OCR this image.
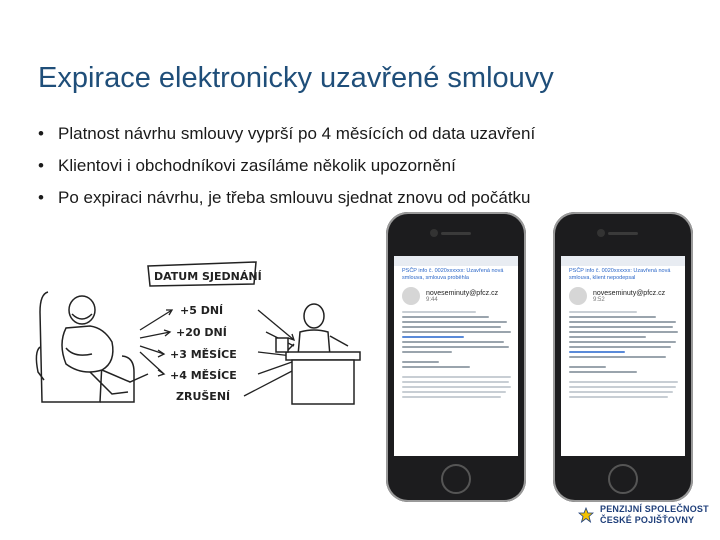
Expirace elektronicky uzavřené smlouvy
• Platnost návrhu smlouvy vyprší po 4 měsících od data uzavření
• Klientovi i obchodníkovi zasíláme několik upozornění
• Po expiraci návrhu, je třeba smlouvu sjednat znovu od počátku
DATUM SJEDNÁNÍ
+5 DNÍ
+20 DNÍ
+3 MĚSÍCE
+4 MĚSÍCE
ZRUŠENÍ
PSČP info č. 0020xxxxxx: Uzavřená nová smlouva, smlouva proběhla
noveseminuty@pfcz.cz
9:44
PSČP info č. 0020xxxxxx: Uzavřená nová smlouva, klient nepodepsal
noveseminuty@pfcz.cz
9:52
PENZIJNÍ SPOLEČNOST
ČESKÉ POJIŠŤOVNY
